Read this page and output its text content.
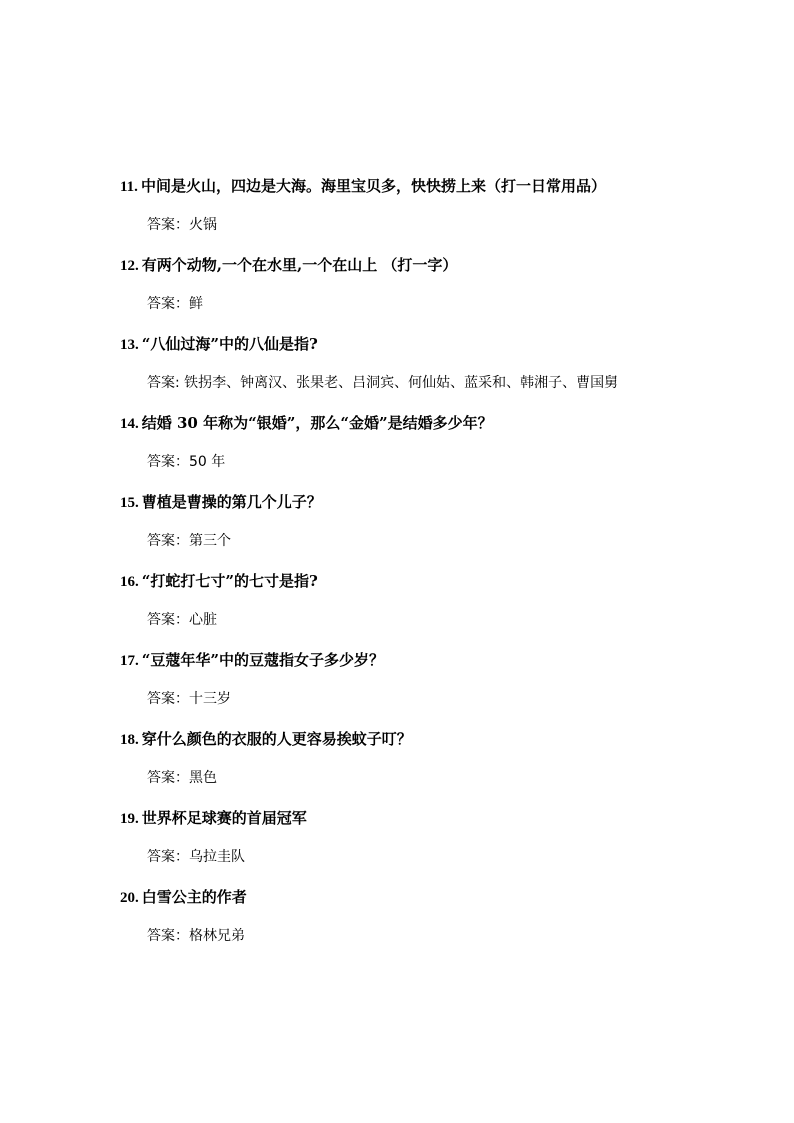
11. 中间是火山，四边是大海。海里宝贝多，快快捞上来（打一日常用品）
答案：火锅
12. 有两个动物,一个在水里,一个在山上 （打一字）
答案：鲜
13. “八仙过海”中的八仙是指?
答案: 铁拐李、钟离汉、张果老、吕洞宾、何仙姑、蓝采和、韩湘子、曹国舅
14. 结婚 30 年称为“银婚”，那么“金婚”是结婚多少年？
答案：50 年
15. 曹植是曹操的第几个儿子？
答案：第三个
16. “打蛇打七寸”的七寸是指?
答案：心脏
17. “豆蔻年华”中的豆蔻指女子多少岁？
答案：十三岁
18. 穿什么颜色的衣服的人更容易挨蚊子叮？
答案：黑色
19. 世界杯足球赛的首届冠军
答案：乌拉圭队
20. 白雪公主的作者
答案：格林兄弟
